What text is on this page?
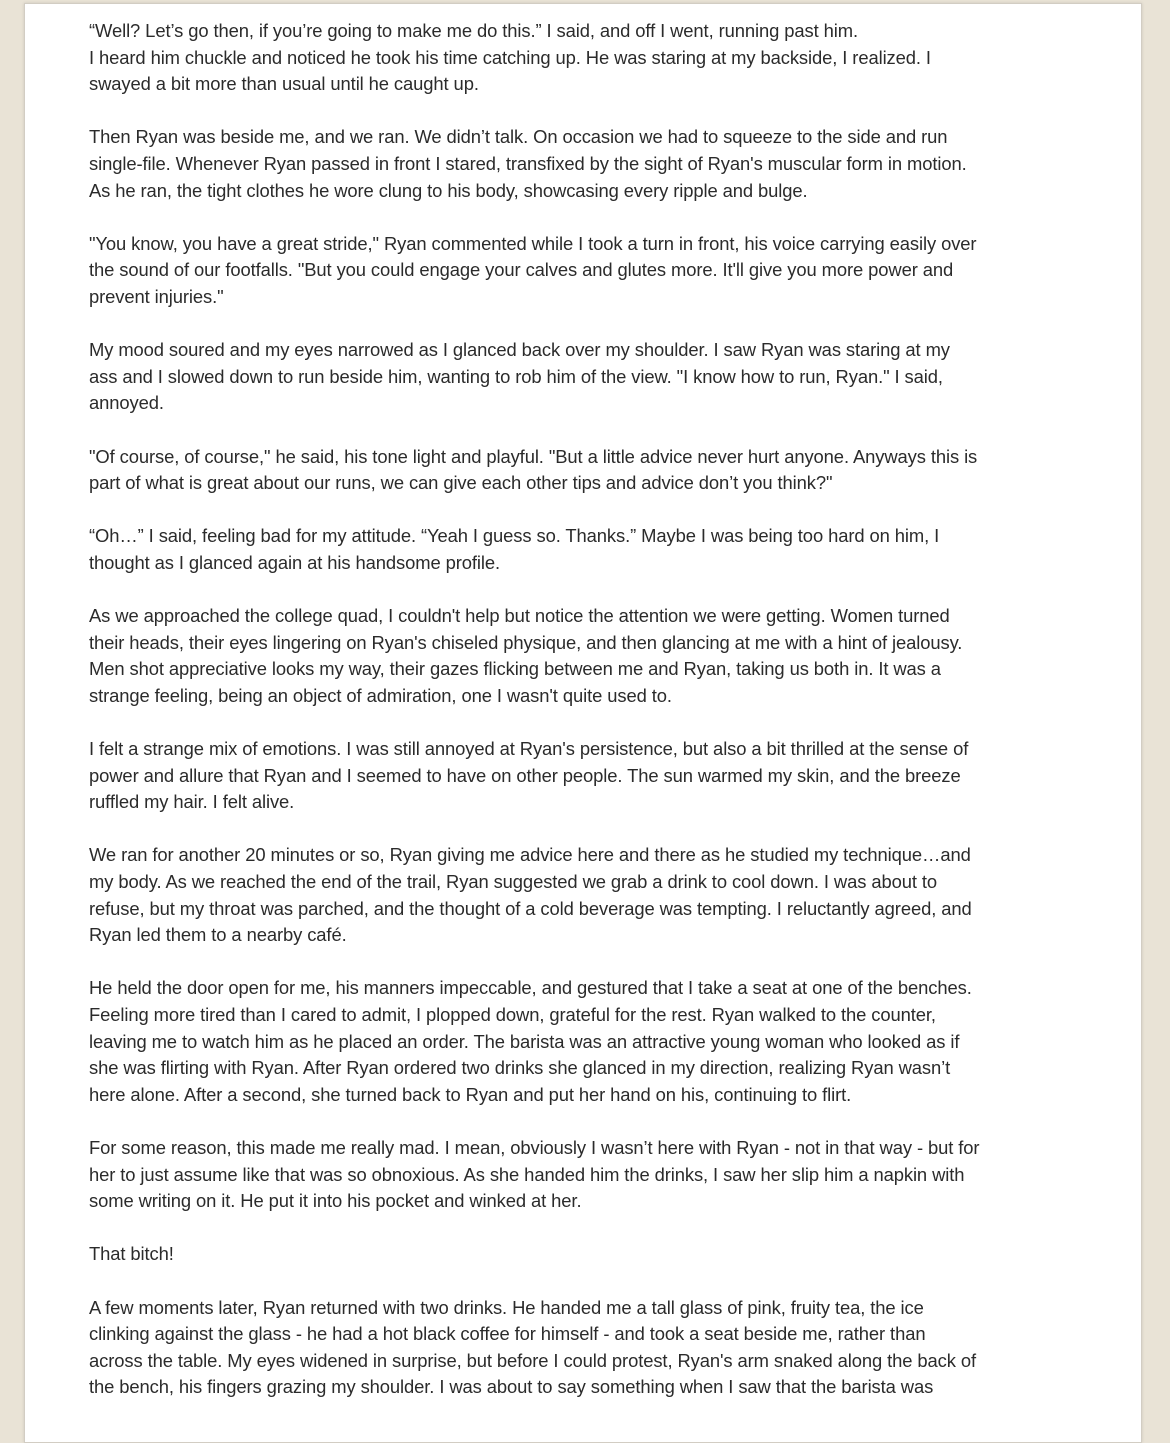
“Well? Let’s go then, if you’re going to make me do this.” I said, and off I went, running past him.
I heard him chuckle and noticed he took his time catching up. He was staring at my backside, I realized. I
swayed a bit more than usual until he caught up.

Then Ryan was beside me, and we ran. We didn’t talk. On occasion we had to squeeze to the side and run
single-file. Whenever Ryan passed in front I stared, transfixed by the sight of Ryan's muscular form in motion.
As he ran, the tight clothes he wore clung to his body, showcasing every ripple and bulge.

"You know, you have a great stride," Ryan commented while I took a turn in front, his voice carrying easily over
the sound of our footfalls. "But you could engage your calves and glutes more. It'll give you more power and
prevent injuries."

My mood soured and my eyes narrowed as I glanced back over my shoulder. I saw Ryan was staring at my
ass and I slowed down to run beside him, wanting to rob him of the view. "I know how to run, Ryan." I said,
annoyed.

"Of course, of course," he said, his tone light and playful. "But a little advice never hurt anyone. Anyways this is
part of what is great about our runs, we can give each other tips and advice don’t you think?"

“Oh…” I said, feeling bad for my attitude. “Yeah I guess so. Thanks.” Maybe I was being too hard on him, I
thought as I glanced again at his handsome profile.

As we approached the college quad, I couldn't help but notice the attention we were getting. Women turned
their heads, their eyes lingering on Ryan's chiseled physique, and then glancing at me with a hint of jealousy.
Men shot appreciative looks my way, their gazes flicking between me and Ryan, taking us both in. It was a
strange feeling, being an object of admiration, one I wasn't quite used to.

I felt a strange mix of emotions. I was still annoyed at Ryan's persistence, but also a bit thrilled at the sense of
power and allure that Ryan and I seemed to have on other people. The sun warmed my skin, and the breeze
ruffled my hair. I felt alive.

We ran for another 20 minutes or so, Ryan giving me advice here and there as he studied my technique…and
my body. As we reached the end of the trail, Ryan suggested we grab a drink to cool down. I was about to
refuse, but my throat was parched, and the thought of a cold beverage was tempting. I reluctantly agreed, and
Ryan led them to a nearby café.

He held the door open for me, his manners impeccable, and gestured that I take a seat at one of the benches.
Feeling more tired than I cared to admit, I plopped down, grateful for the rest. Ryan walked to the counter,
leaving me to watch him as he placed an order. The barista was an attractive young woman who looked as if
she was flirting with Ryan. After Ryan ordered two drinks she glanced in my direction, realizing Ryan wasn’t
here alone. After a second, she turned back to Ryan and put her hand on his, continuing to flirt.

For some reason, this made me really mad. I mean, obviously I wasn’t here with Ryan - not in that way - but for
her to just assume like that was so obnoxious. As she handed him the drinks, I saw her slip him a napkin with
some writing on it. He put it into his pocket and winked at her.

That bitch!

A few moments later, Ryan returned with two drinks. He handed me a tall glass of pink, fruity tea, the ice
clinking against the glass - he had a hot black coffee for himself - and took a seat beside me, rather than
across the table. My eyes widened in surprise, but before I could protest, Ryan's arm snaked along the back of
the bench, his fingers grazing my shoulder. I was about to say something when I saw that the barista was
